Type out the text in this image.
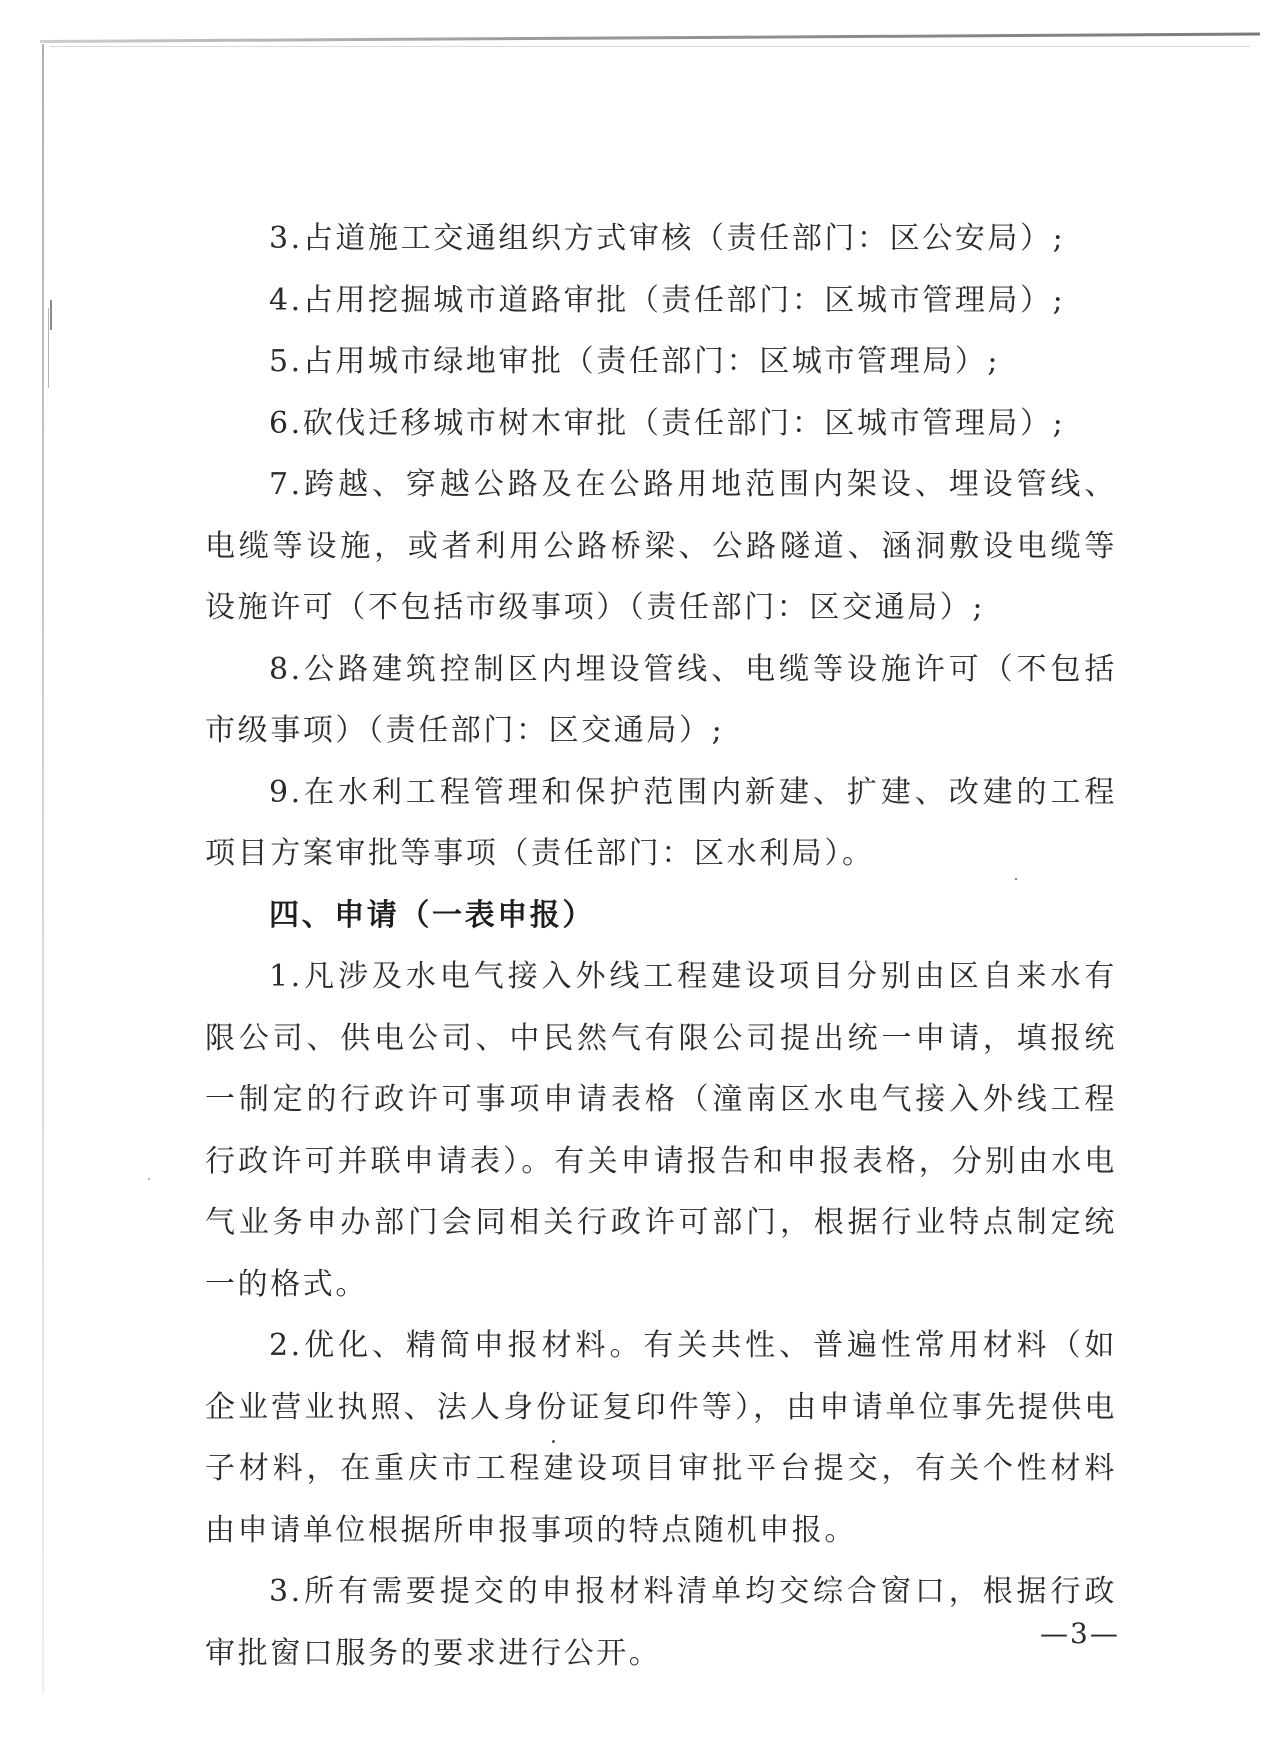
3.占道施工交通组织方式审核（责任部门：区公安局）;

4.占用挖掘城市道路审批（责任部门：区城市管理局）;

5.占用城市绿地审批（责任部门：区城市管理局）;

6.砍伐迁移城市树木审批（责任部门：区城市管理局）;

7.跨越、穿越公路及在公路用地范围内架设、埋设管线、电缆等设施，或者利用公路桥梁、公路隧道、涵洞敷设电缆等设施许可（不包括市级事项）（责任部门：区交通局）;

8.公路建筑控制区内埋设管线、电缆等设施许可（不包括市级事项）（责任部门：区交通局）;

9.在水利工程管理和保护范围内新建、扩建、改建的工程项目方案审批等事项（责任部门：区水利局）。

四、申请（一表申报）

1.凡涉及水电气接入外线工程建设项目分别由区自来水有限公司、供电公司、中民然气有限公司提出统一申请，填报统一制定的行政许可事项申请表格（潼南区水电气接入外线工程行政许可并联申请表）。有关申请报告和申报表格，分别由水电气业务申办部门会同相关行政许可部门，根据行业特点制定统一的格式。

2.优化、精简申报材料。有关共性、普遍性常用材料（如企业营业执照、法人身份证复印件等），由申请单位事先提供电子材料，在重庆市工程建设项目审批平台提交，有关个性材料由申请单位根据所申报事项的特点随机申报。

3.所有需要提交的申报材料清单均交综合窗口，根据行政审批窗口服务的要求进行公开。

—3—
